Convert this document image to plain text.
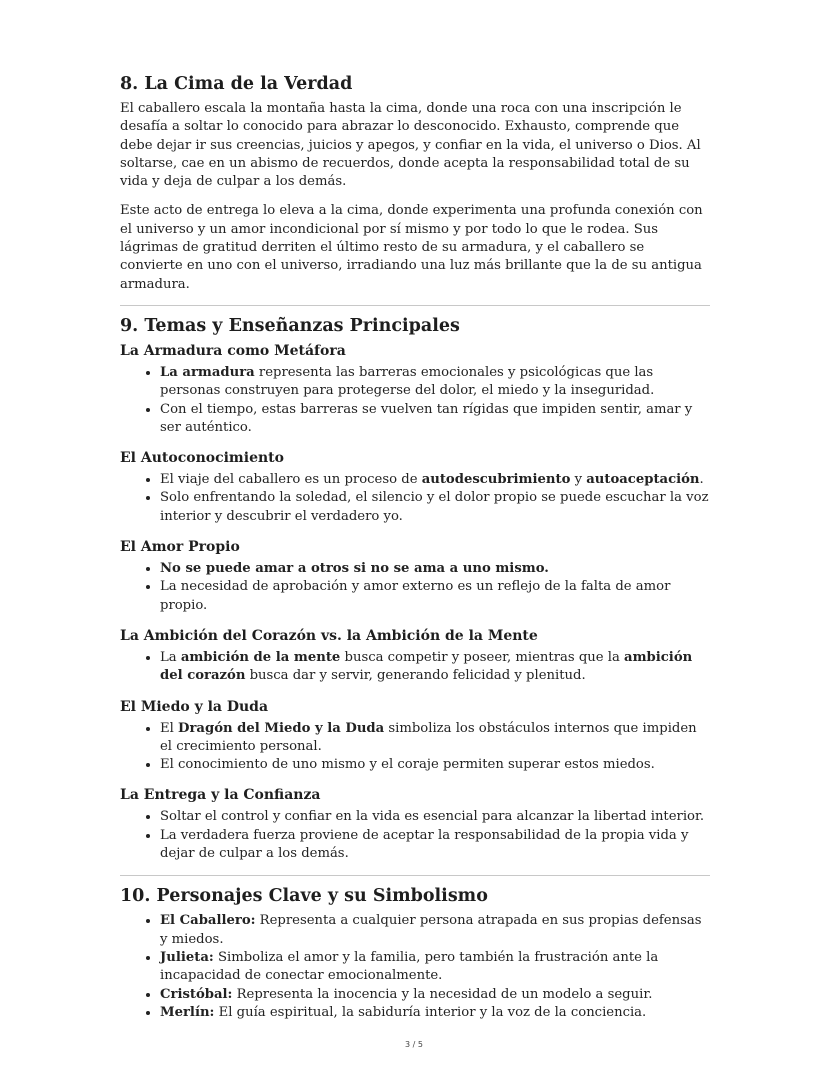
8. La Cima de la Verdad

El caballero escala la montaña hasta la cima, donde una roca con una inscripción le desafía a soltar lo conocido para abrazar lo desconocido. Exhausto, comprende que debe dejar ir sus creencias, juicios y apegos, y confiar en la vida, el universo o Dios. Al soltarse, cae en un abismo de recuerdos, donde acepta la responsabilidad total de su vida y deja de culpar a los demás.

Este acto de entrega lo eleva a la cima, donde experimenta una profunda conexión con el universo y un amor incondicional por sí mismo y por todo lo que le rodea. Sus lágrimas de gratitud derriten el último resto de su armadura, y el caballero se convierte en uno con el universo, irradiando una luz más brillante que la de su antigua armadura.

9. Temas y Enseñanzas Principales
La Armadura como Metáfora
• La armadura representa las barreras emocionales y psicológicas que las personas construyen para protegerse del dolor, el miedo y la inseguridad.
• Con el tiempo, estas barreras se vuelven tan rígidas que impiden sentir, amar y ser auténtico.
El Autoconocimiento
• El viaje del caballero es un proceso de autodescubrimiento y autoaceptación.
• Solo enfrentando la soledad, el silencio y el dolor propio se puede escuchar la voz interior y descubrir el verdadero yo.
El Amor Propio
• No se puede amar a otros si no se ama a uno mismo.
• La necesidad de aprobación y amor externo es un reflejo de la falta de amor propio.
La Ambición del Corazón vs. la Ambición de la Mente
• La ambición de la mente busca competir y poseer, mientras que la ambición del corazón busca dar y servir, generando felicidad y plenitud.
El Miedo y la Duda
• El Dragón del Miedo y la Duda simboliza los obstáculos internos que impiden el crecimiento personal.
• El conocimiento de uno mismo y el coraje permiten superar estos miedos.
La Entrega y la Confianza
• Soltar el control y confiar en la vida es esencial para alcanzar la libertad interior.
• La verdadera fuerza proviene de aceptar la responsabilidad de la propia vida y dejar de culpar a los demás.
10. Personajes Clave y su Simbolismo
• El Caballero: Representa a cualquier persona atrapada en sus propias defensas y miedos.
• Julieta: Simboliza el amor y la familia, pero también la frustración ante la incapacidad de conectar emocionalmente.
• Cristóbal: Representa la inocencia y la necesidad de un modelo a seguir.
• Merlín: El guía espiritual, la sabiduría interior y la voz de la conciencia.
3 / 5
